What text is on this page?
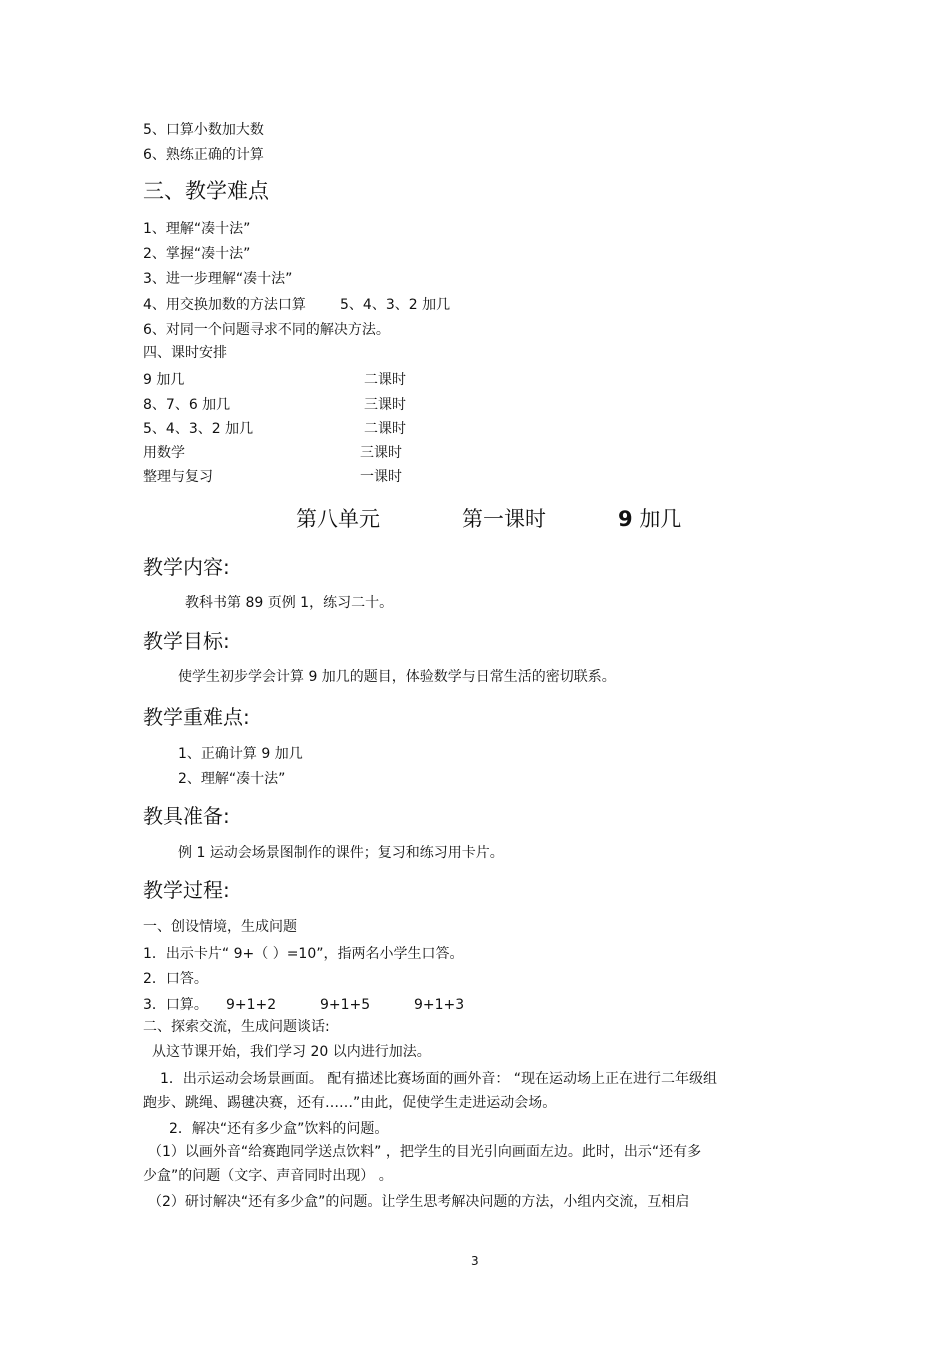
5、口算小数加大数
6、熟练正确的计算
三、教学难点
1、理解“凑十法”
2、掌握“凑十法”
3、进一步理解“凑十法”
4、用交换加数的方法口算 5、4、3、2 加几
6、对同一个问题寻求不同的解决方法。
四、课时安排
9 加几	二课时
8、7、6 加几	三课时
5、4、3、2 加几	二课时
用数学	三课时
整理与复习	一课时
第八单元	第一课时	9 加几
教学内容:
教科书第 89 页例 1，练习二十。
教学目标:
使学生初步学会计算 9 加几的题目，体验数学与日常生活的密切联系。
教学重难点:
1、正确计算 9 加几
2、理解“凑十法”
教具准备:
例 1 运动会场景图制作的课件；复习和练习用卡片。
教学过程:
一、创设情境，生成问题
1．出示卡片“ 9+（ ）=10”，指两名小学生口答。
2．口答。
3．口算。 9+1+2	9+1+5	9+1+3
二、探索交流，生成问题谈话:
从这节课开始，我们学习 20 以内进行加法。
1．出示运动会场景画面。 配有描述比赛场面的画外音： “现在运动场上正在进行二年级组
跑步、跳绳、踢毽决赛，还有……”由此，促使学生走进运动会场。
2．解决“还有多少盒”饮料的问题。
（1）以画外音“给赛跑同学送点饮料” ，把学生的目光引向画面左边。此时，出示“还有多
少盒”的问题（文字、声音同时出现） 。
（2）研讨解决“还有多少盒”的问题。让学生思考解决问题的方法，小组内交流，互相启
3
